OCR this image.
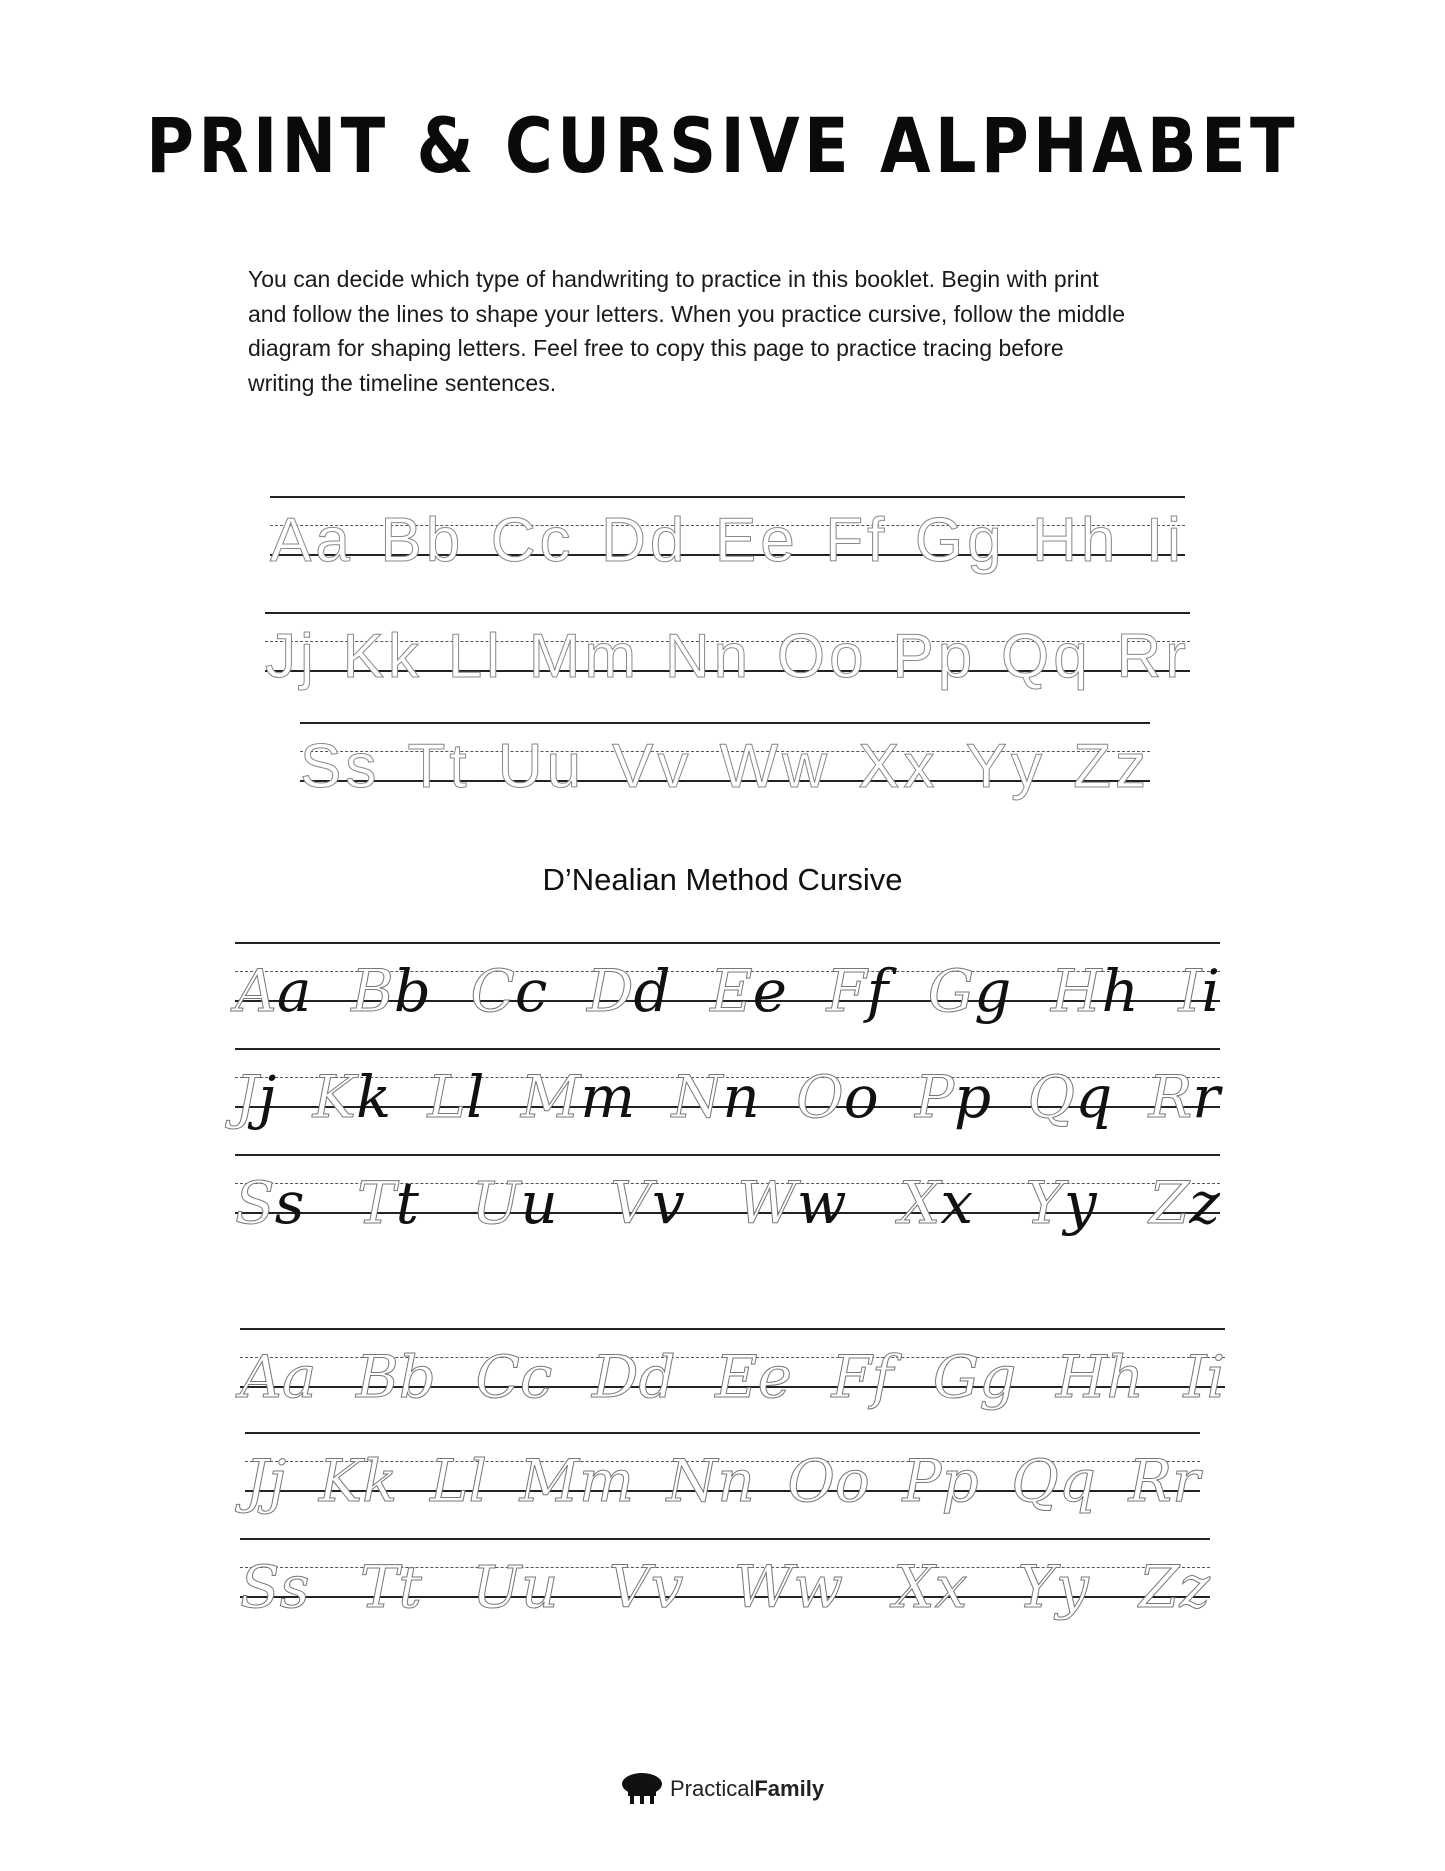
PRINT & CURSIVE ALPHABET
You can decide which type of handwriting to practice in this booklet. Begin with print
and follow the lines to shape your letters. When you practice cursive, follow the middle
diagram for shaping letters. Feel free to copy this page to practice tracing before
writing the timeline sentences.
Aa Bb Cc Dd Ee Ff Gg Hh Ii
Jj Kk Ll Mm Nn Oo Pp Qq Rr
Ss Tt Uu Vv Ww Xx Yy Zz
D’Nealian Method Cursive
Aa Bb Cc Dd Ee Ff Gg Hh Ii
Jj Kk Ll Mm Nn Oo Pp Qq Rr
Ss Tt Uu Vv Ww Xx Yy Zz
Aa Bb Cc Dd Ee Ff Gg Hh Ii
Jj Kk Ll Mm Nn Oo Pp Qq Rr
Ss Tt Uu Vv Ww Xx Yy Zz
PracticalFamily
